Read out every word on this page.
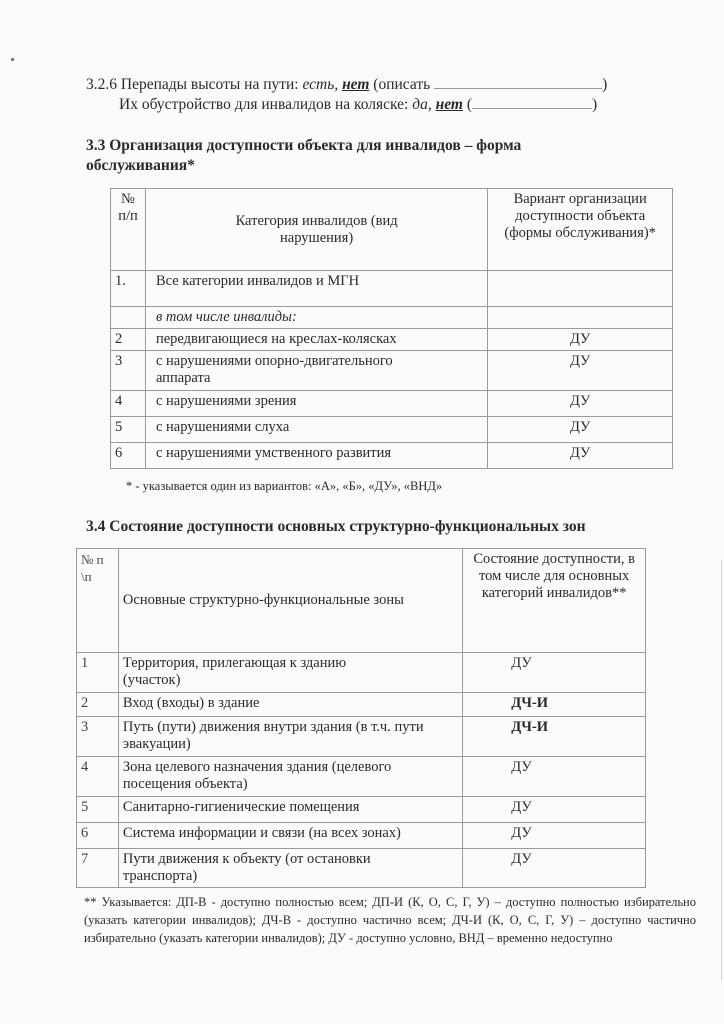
3.2.6 Перепады высоты на пути: есть, нет (описать	)
Их обустройство для инвалидов на коляске: да, нет (	)
3.3 Организация доступности объекта для инвалидов – форма обслуживания*
№ п/п	Категория инвалидов (вид нарушения)	Вариант организации доступности объекта (формы обслуживания)*
1.	Все категории инвалидов и МГН	
	в том числе инвалиды:	
2	передвигающиеся на креслах-колясках	ДУ
3	с нарушениями опорно-двигательного аппарата	ДУ
4	с нарушениями зрения	ДУ
5	с нарушениями слуха	ДУ
6	с нарушениями умственного развития	ДУ
* - указывается один из вариантов: «А», «Б», «ДУ», «ВНД»
3.4 Состояние доступности основных структурно-функциональных зон
№ п \п	Основные структурно-функциональные зоны	Состояние доступности, в том числе для основных категорий инвалидов**
1	Территория, прилегающая к зданию (участок)	ДУ
2	Вход (входы) в здание	ДЧ-И
3	Путь (пути) движения внутри здания (в т.ч. пути эвакуации)	ДЧ-И
4	Зона целевого назначения здания (целевого посещения объекта)	ДУ
5	Санитарно-гигиенические помещения	ДУ
6	Система информации и связи (на всех зонах)	ДУ
7	Пути движения к объекту (от остановки транспорта)	ДУ
** Указывается: ДП-В - доступно полностью всем; ДП-И (К, О, С, Г, У) – доступно полностью избирательно (указать категории инвалидов); ДЧ-В - доступно частично всем; ДЧ-И (К, О, С, Г, У) – доступно частично избирательно (указать категории инвалидов); ДУ - доступно условно, ВНД – временно недоступно
